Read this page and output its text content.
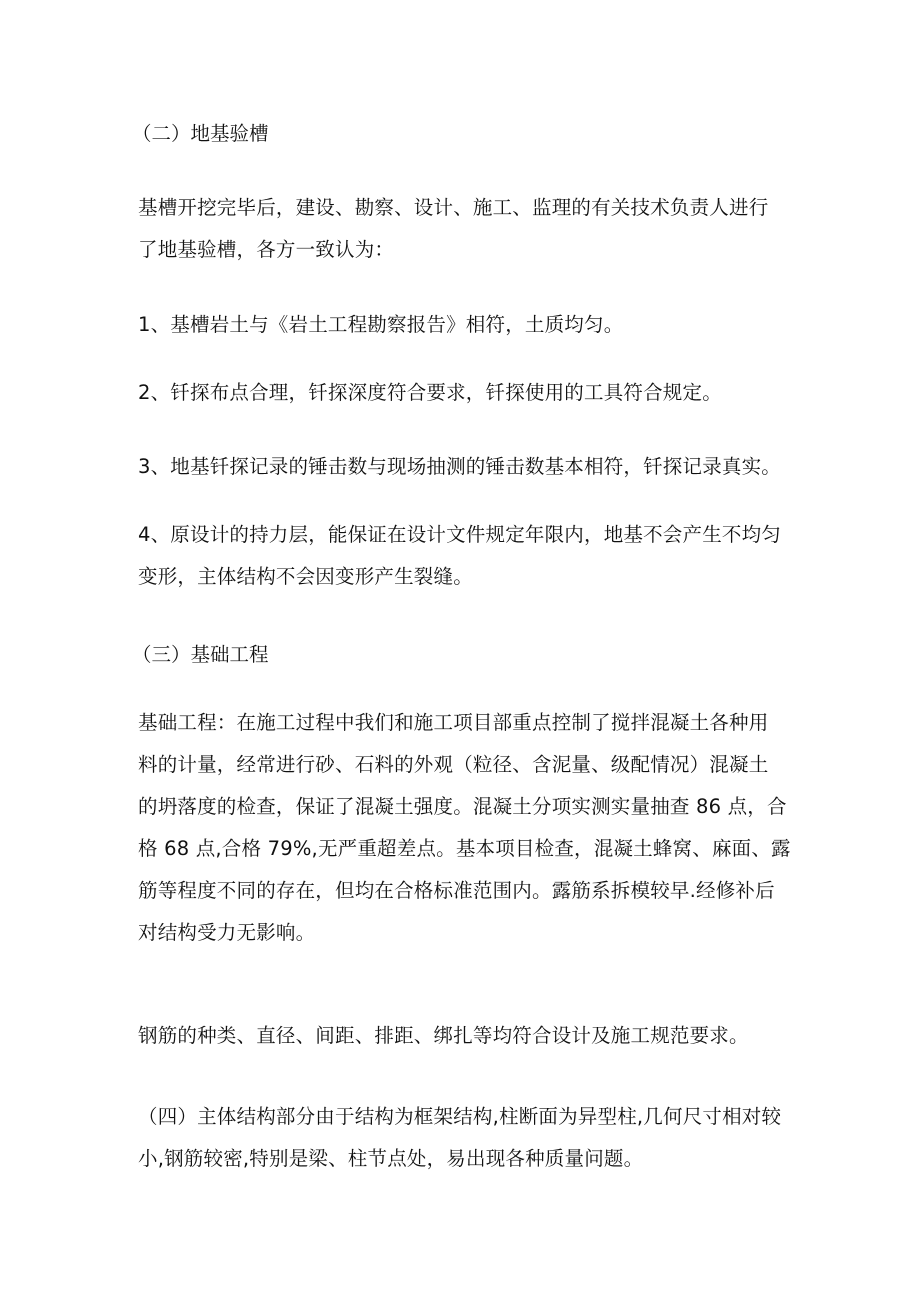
（二）地基验槽

基槽开挖完毕后，建设、勘察、设计、施工、监理的有关技术负责人进行
了地基验槽，各方一致认为：

1、基槽岩土与《岩土工程勘察报告》相符，土质均匀。

2、钎探布点合理，钎探深度符合要求，钎探使用的工具符合规定。

3、地基钎探记录的锤击数与现场抽测的锤击数基本相符，钎探记录真实。

4、原设计的持力层，能保证在设计文件规定年限内，地基不会产生不均匀
变形，主体结构不会因变形产生裂缝。

（三）基础工程

基础工程：在施工过程中我们和施工项目部重点控制了搅拌混凝土各种用
料的计量，经常进行砂、石料的外观（粒径、含泥量、级配情况）混凝土
的坍落度的检查，保证了混凝土强度。混凝土分项实测实量抽查 86 点，合
格 68 点,合格 79%,无严重超差点。基本项目检查，混凝土蜂窝、麻面、露
筋等程度不同的存在，但均在合格标准范围内。露筋系拆模较早.经修补后
对结构受力无影响。

钢筋的种类、直径、间距、排距、绑扎等均符合设计及施工规范要求。

（四）主体结构部分由于结构为框架结构,柱断面为异型柱,几何尺寸相对较
小,钢筋较密,特别是梁、柱节点处，易出现各种质量问题。
